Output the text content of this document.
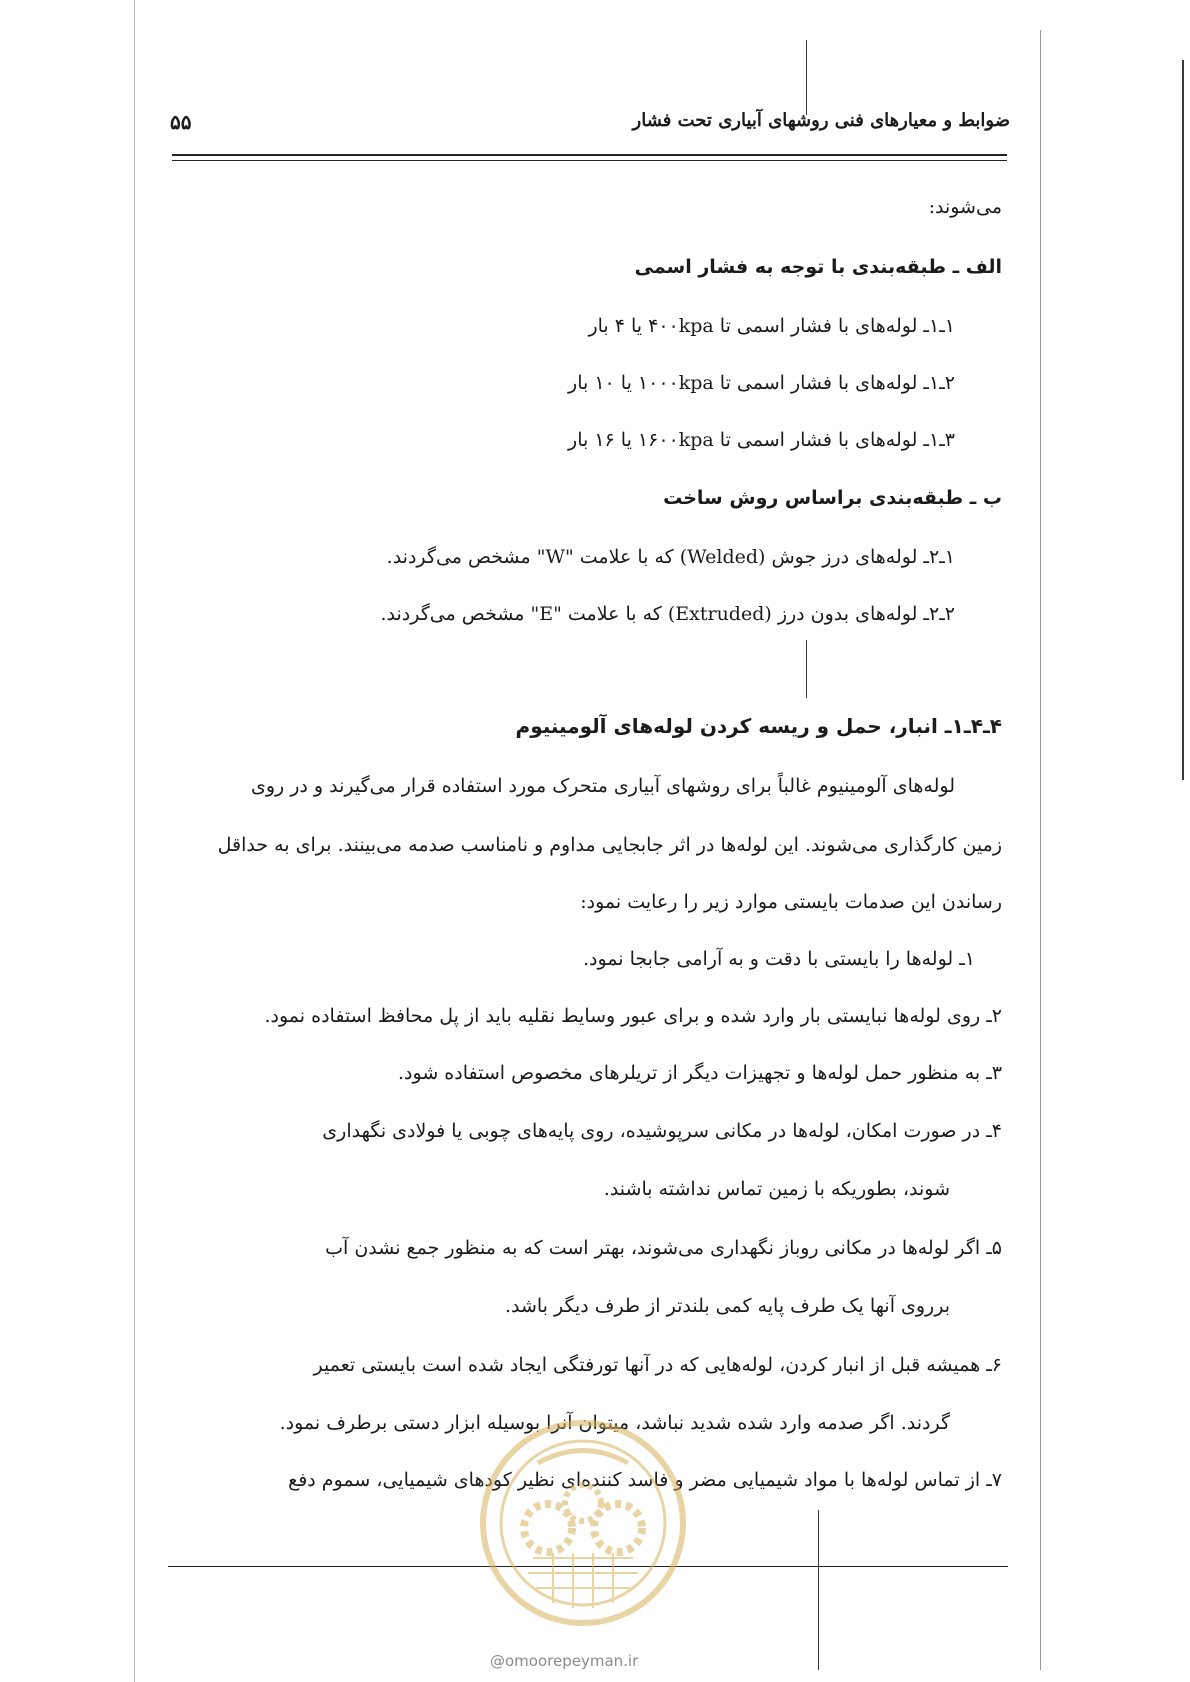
۵۵	ضوابط و معیارهای فنی روشهای آبیاری تحت فشار
می‌شوند:
الف ـ طبقه‌بندی با توجه به فشار اسمی
۱ـ۱ـ لوله‌های با فشار اسمی تا ۴۰۰kpa یا ۴ بار
۲ـ۱ـ لوله‌های با فشار اسمی تا ۱۰۰۰kpa یا ۱۰ بار
۳ـ۱ـ لوله‌های با فشار اسمی تا ۱۶۰۰kpa یا ۱۶ بار
ب ـ طبقه‌بندی براساس روش ساخت
۱ـ۲ـ لوله‌های درز جوش (Welded) که با علامت "W" مشخص می‌گردند.
۲ـ۲ـ لوله‌های بدون درز (Extruded) که با علامت "E" مشخص می‌گردند.
۴ـ۴ـ۱ـ انبار، حمل و ریسه کردن لوله‌های آلومینیوم
لوله‌های آلومینیوم غالباً برای روشهای آبیاری متحرک مورد استفاده قرار می‌گیرند و در روی
زمین کارگذاری می‌شوند. این لوله‌ها در اثر جابجایی مداوم و نامناسب صدمه می‌بینند. برای به حداقل
رساندن این صدمات بایستی موارد زیر را رعایت نمود:
۱ـ لوله‌ها را بایستی با دقت و به آرامی جابجا نمود.
۲ـ روی لوله‌ها نبایستی بار وارد شده و برای عبور وسایط نقلیه باید از پل محافظ استفاده نمود.
۳ـ به منظور حمل لوله‌ها و تجهیزات دیگر از تریلرهای مخصوص استفاده شود.
۴ـ در صورت امکان، لوله‌ها در مکانی سرپوشیده، روی پایه‌های چوبی یا فولادی نگهداری
شوند، بطوریکه با زمین تماس نداشته باشند.
۵ـ اگر لوله‌ها در مکانی روباز نگهداری می‌شوند، بهتر است که به منظور جمع نشدن آب
برروی آنها یک طرف پایه کمی بلندتر از طرف دیگر باشد.
۶ـ همیشه قبل از انبار کردن، لوله‌هایی که در آنها تورفتگی ایجاد شده است بایستی تعمیر
گردند. اگر صدمه وارد شده شدید نباشد، میتوان آنرا بوسیله ابزار دستی برطرف نمود.
۷ـ از تماس لوله‌ها با مواد شیمیایی مضر و فاسد کننده‌ای نظیر کودهای شیمیایی، سموم دفع
@omoorepeyman.ir
